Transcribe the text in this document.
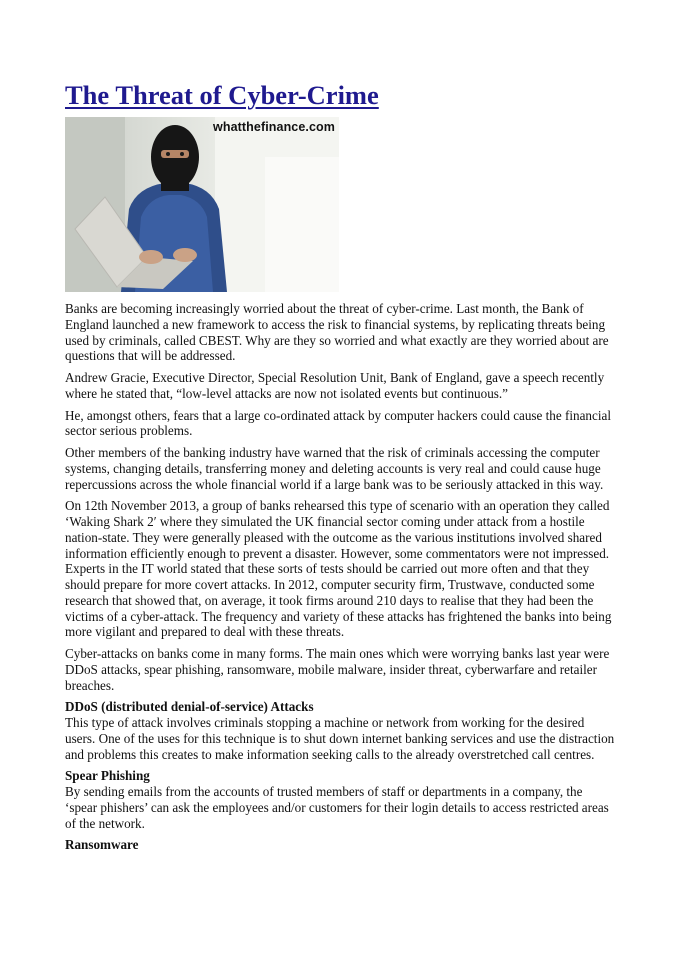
The Threat of Cyber-Crime
whatthefinance.com

Banks are becoming increasingly worried about the threat of cyber-crime. Last month, the Bank of England launched a new framework to access the risk to financial systems, by replicating threats being used by criminals, called CBEST. Why are they so worried and what exactly are they worried about are questions that will be addressed.

Andrew Gracie, Executive Director, Special Resolution Unit, Bank of England, gave a speech recently where he stated that, “low-level attacks are now not isolated events but continuous.”

He, amongst others, fears that a large co-ordinated attack by computer hackers could cause the financial sector serious problems.

Other members of the banking industry have warned that the risk of criminals accessing the computer systems, changing details, transferring money and deleting accounts is very real and could cause huge repercussions across the whole financial world if a large bank was to be seriously attacked in this way.

On 12th November 2013, a group of banks rehearsed this type of scenario with an operation they called ‘Waking Shark 2′ where they simulated the UK financial sector coming under attack from a hostile nation-state. They were generally pleased with the outcome as the various institutions involved shared information efficiently enough to prevent a disaster. However, some commentators were not impressed. Experts in the IT world stated that these sorts of tests should be carried out more often and that they should prepare for more covert attacks. In 2012, computer security firm, Trustwave, conducted some research that showed that, on average, it took firms around 210 days to realise that they had been the victims of a cyber-attack. The frequency and variety of these attacks has frightened the banks into being more vigilant and prepared to deal with these threats.

Cyber-attacks on banks come in many forms. The main ones which were worrying banks last year were DDoS attacks, spear phishing, ransomware, mobile malware, insider threat, cyberwarfare and retailer breaches.

DDoS (distributed denial-of-service) Attacks
This type of attack involves criminals stopping a machine or network from working for the desired users. One of the uses for this technique is to shut down internet banking services and use the distraction and problems this creates to make information seeking calls to the already overstretched call centres.
Spear Phishing
By sending emails from the accounts of trusted members of staff or departments in a company, the ‘spear phishers’ can ask the employees and/or customers for their login details to access restricted areas of the network.
Ransomware
